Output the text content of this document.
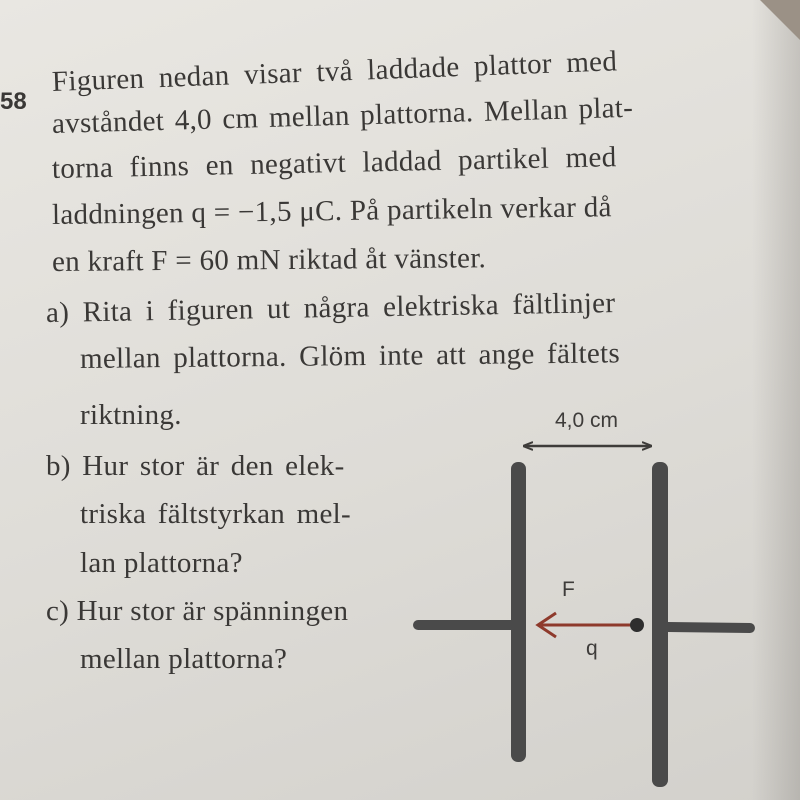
58
Figuren nedan visar två laddade plattor med
avståndet 4,0 cm mellan plattorna. Mellan plat-
torna finns en negativt laddad partikel med
laddningen q = −1,5 μC. På partikeln verkar då
en kraft F = 60 mN riktad åt vänster.
a) Rita i figuren ut några elektriska fältlinjer
mellan plattorna. Glöm inte att ange fältets
riktning.
b) Hur stor är den elek-
triska fältstyrkan mel-
lan plattorna?
c) Hur stor är spänningen
mellan plattorna?
4,0 cm
F
q
